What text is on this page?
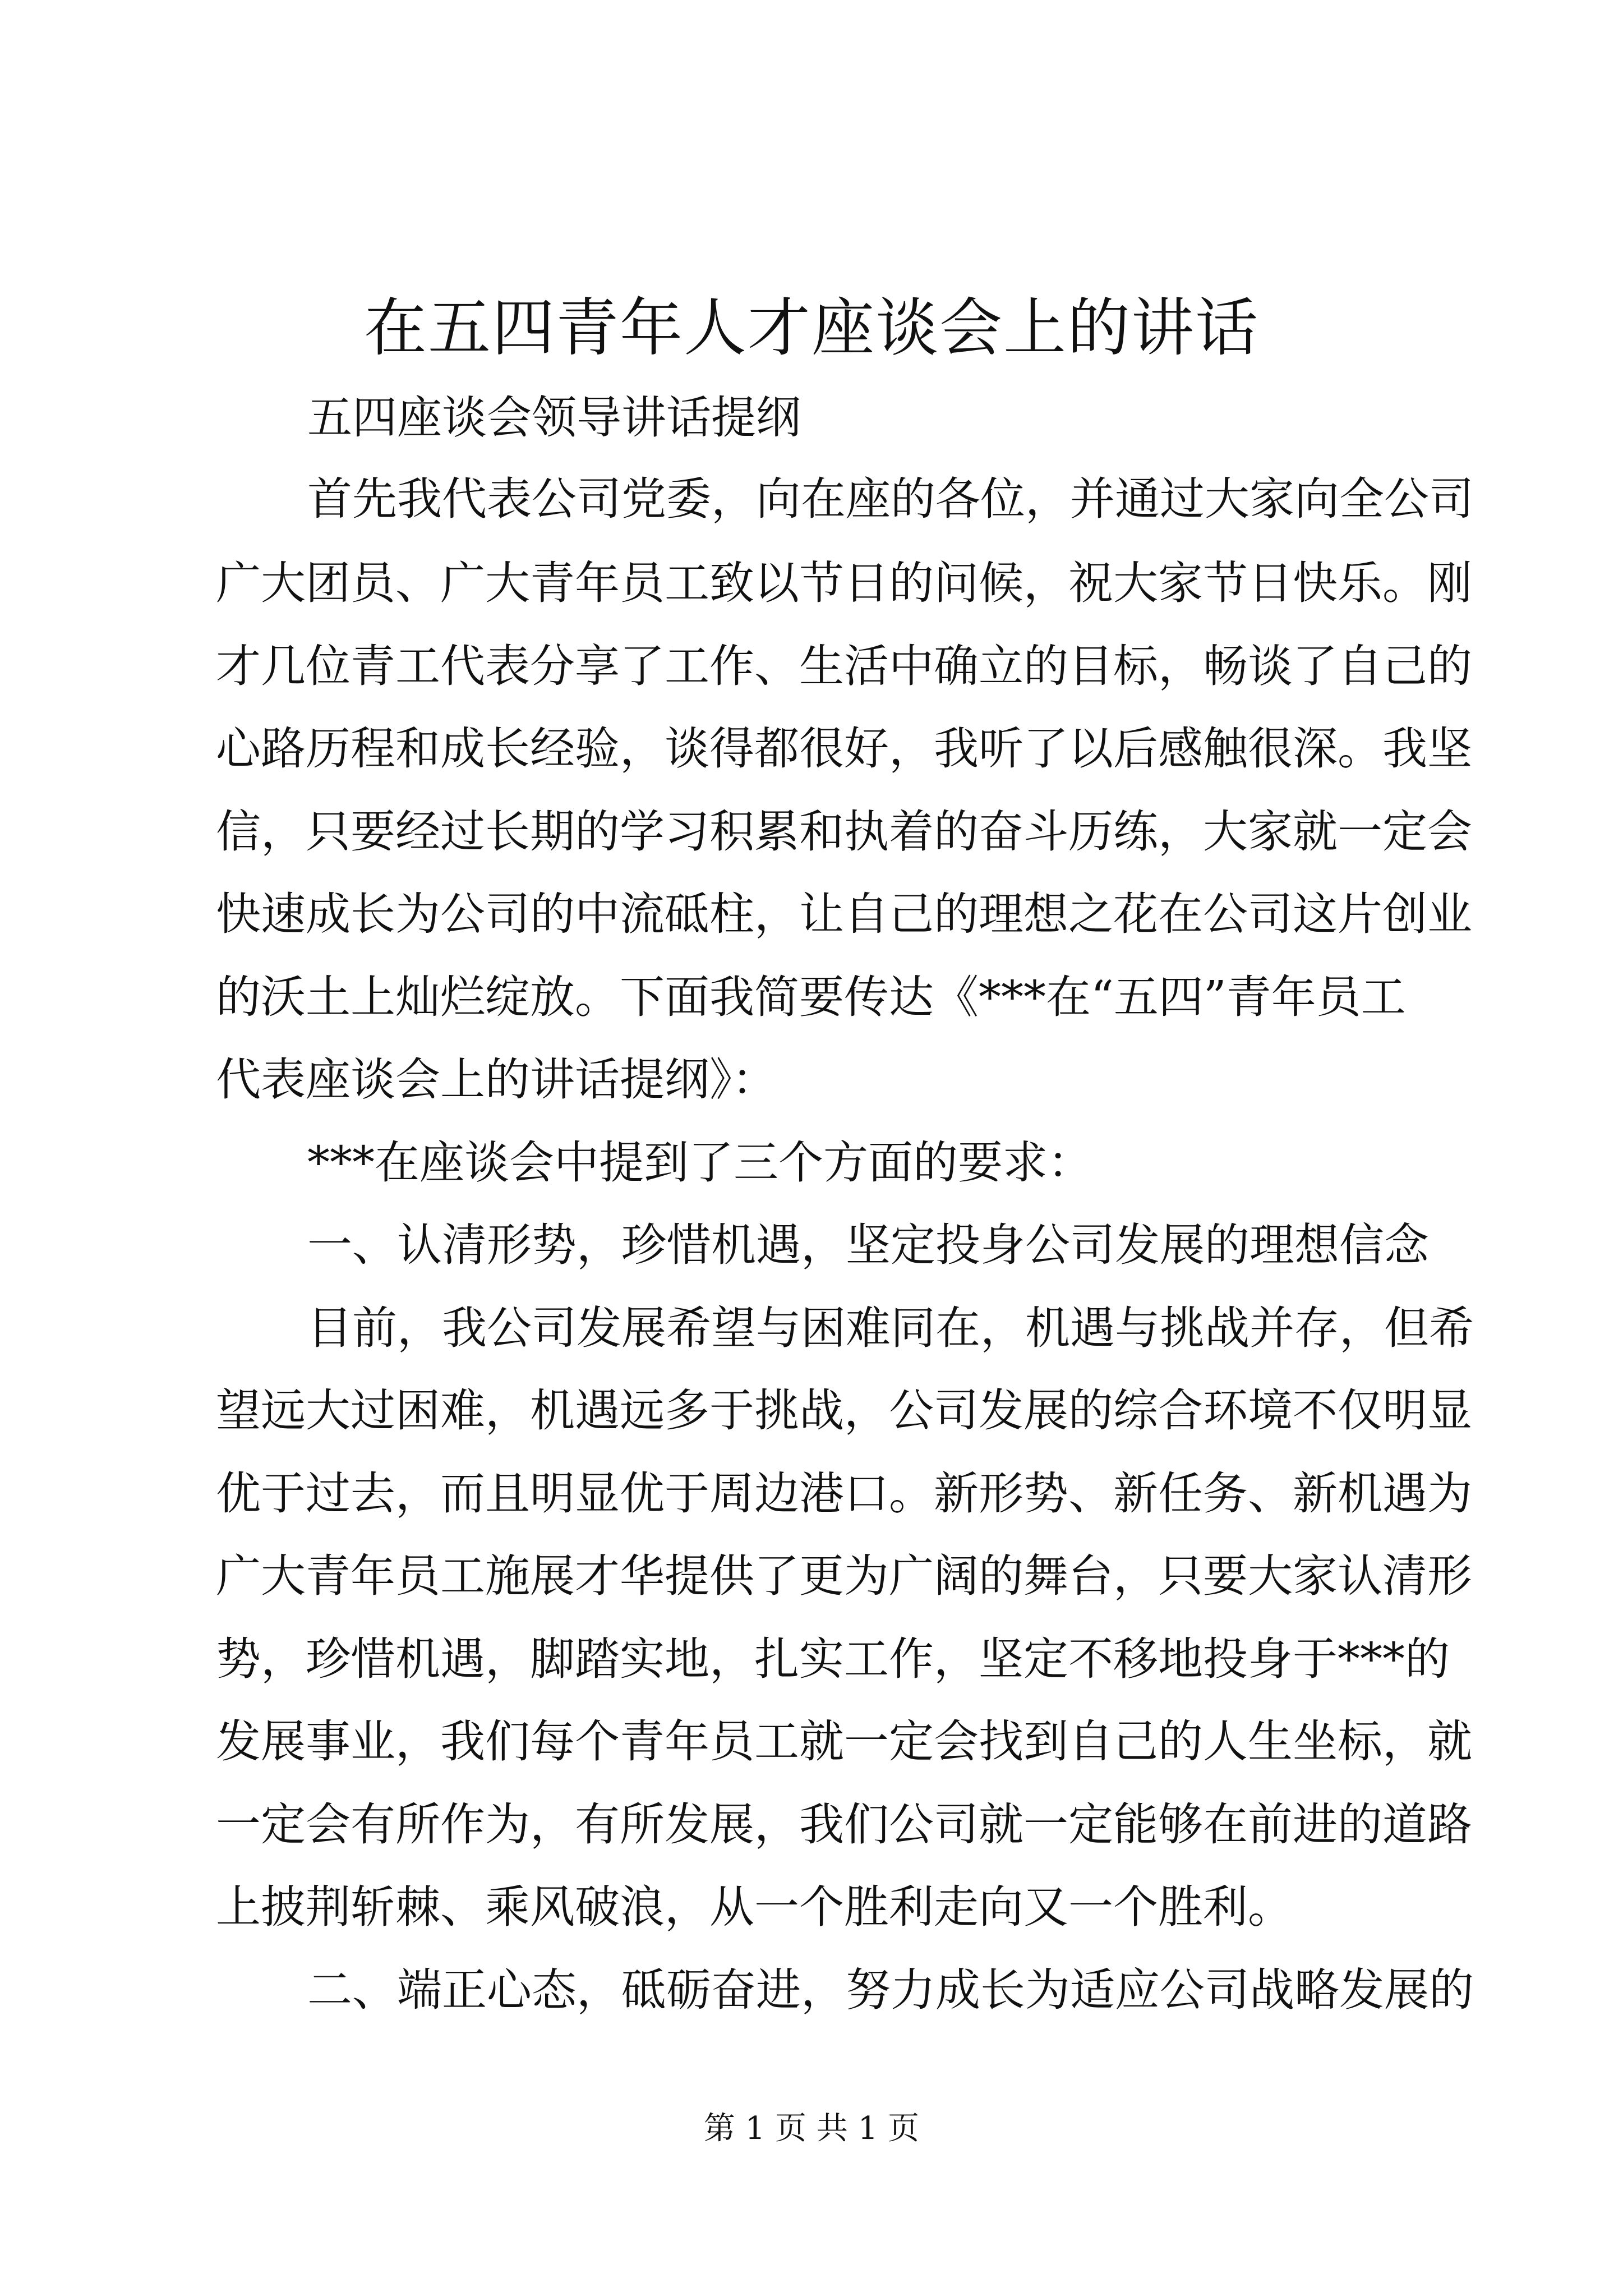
在五四青年人才座谈会上的讲话

五四座谈会领导讲话提纲

首先我代表公司党委，向在座的各位，并通过大家向全公司

广大团员、广大青年员工致以节日的问候，祝大家节日快乐。刚

才几位青工代表分享了工作、生活中确立的目标，畅谈了自己的

心路历程和成长经验，谈得都很好，我听了以后感触很深。我坚

信，只要经过长期的学习积累和执着的奋斗历练，大家就一定会

快速成长为公司的中流砥柱，让自己的理想之花在公司这片创业

的沃土上灿烂绽放。下面我简要传达《***在“五四”青年员工

代表座谈会上的讲话提纲》：

***在座谈会中提到了三个方面的要求：

一、认清形势，珍惜机遇，坚定投身公司发展的理想信念

目前，我公司发展希望与困难同在，机遇与挑战并存，但希

望远大过困难，机遇远多于挑战，公司发展的综合环境不仅明显

优于过去，而且明显优于周边港口。新形势、新任务、新机遇为

广大青年员工施展才华提供了更为广阔的舞台，只要大家认清形

势，珍惜机遇，脚踏实地，扎实工作，坚定不移地投身于***的

发展事业，我们每个青年员工就一定会找到自己的人生坐标，就

一定会有所作为，有所发展，我们公司就一定能够在前进的道路

上披荆斩棘、乘风破浪，从一个胜利走向又一个胜利。

二、端正心态，砥砺奋进，努力成长为适应公司战略发展的

第 1 页 共 1 页
